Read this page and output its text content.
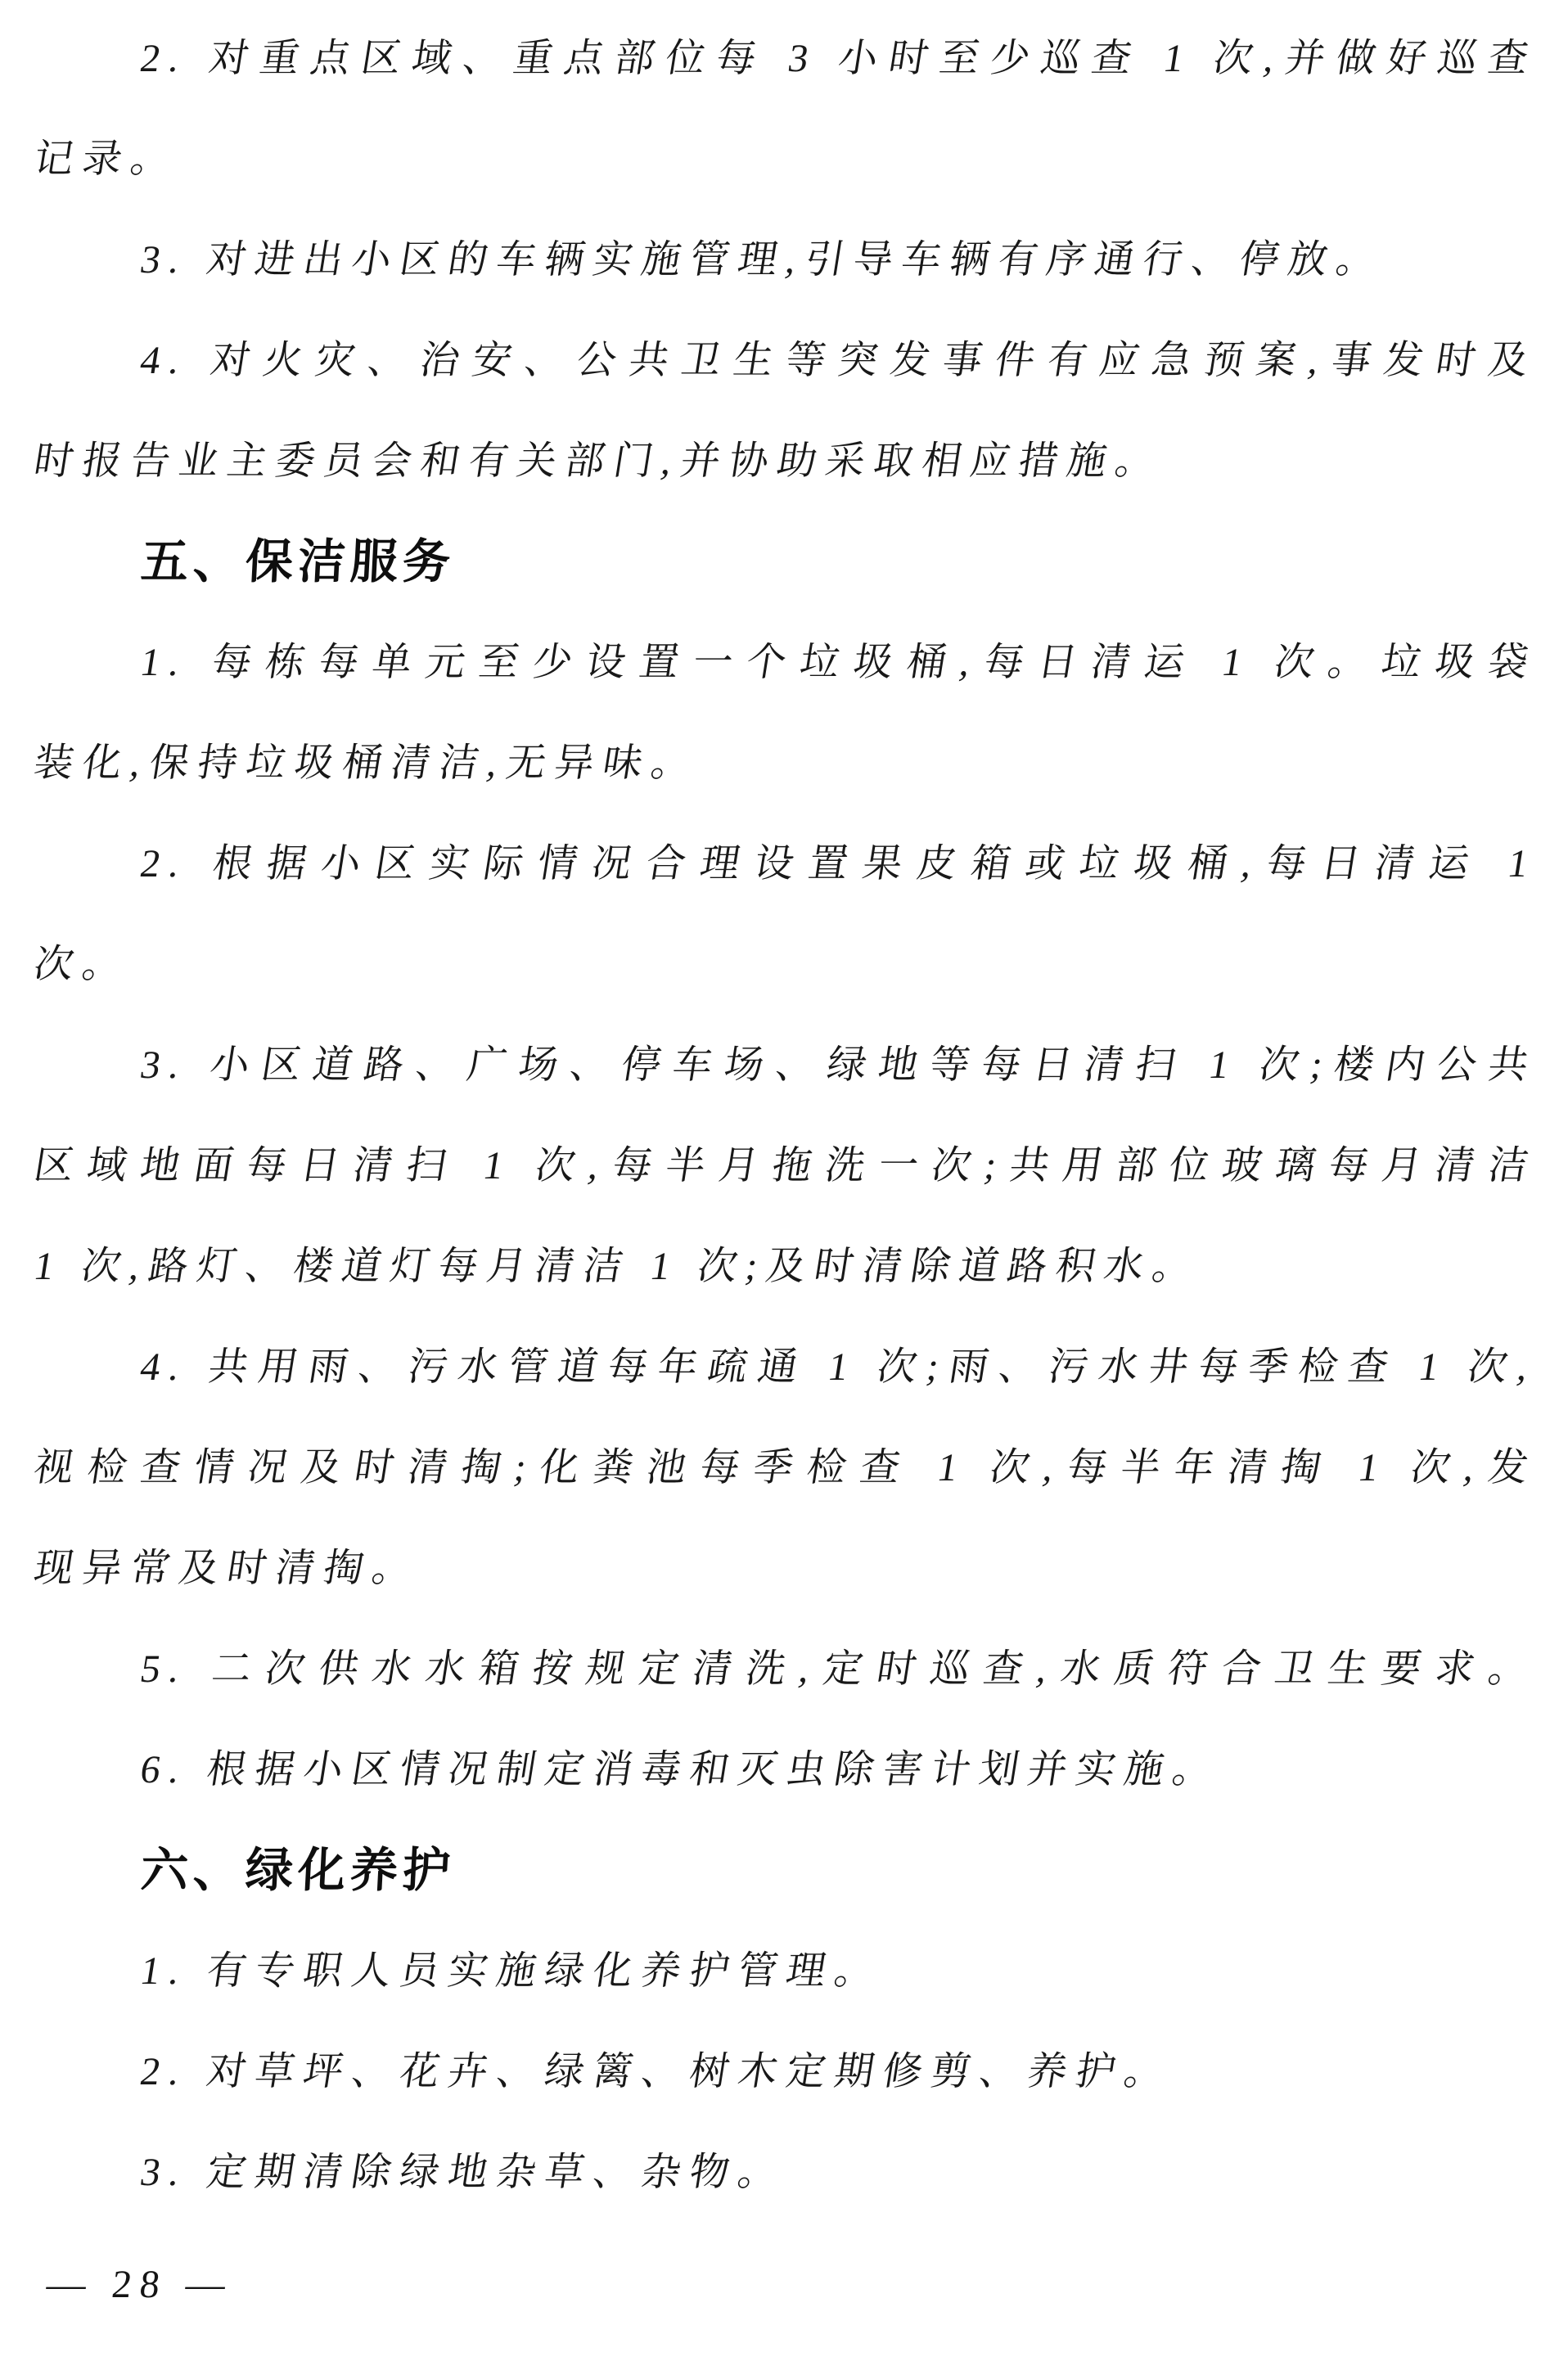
2. 对重点区域、重点部位每 3 小时至少巡查 1 次,并做好巡查
记录。
3. 对进出小区的车辆实施管理,引导车辆有序通行、停放。
4. 对火灾、治安、公共卫生等突发事件有应急预案,事发时及
时报告业主委员会和有关部门,并协助采取相应措施。
五、保洁服务
1. 每栋每单元至少设置一个垃圾桶,每日清运 1 次。垃圾袋
装化,保持垃圾桶清洁,无异味。
2. 根据小区实际情况合理设置果皮箱或垃圾桶,每日清运 1
次。
3. 小区道路、广场、停车场、绿地等每日清扫 1 次;楼内公共
区域地面每日清扫 1 次,每半月拖洗一次;共用部位玻璃每月清洁
1 次,路灯、楼道灯每月清洁 1 次;及时清除道路积水。
4. 共用雨、污水管道每年疏通 1 次;雨、污水井每季检查 1 次,
视检查情况及时清掏;化粪池每季检查 1 次,每半年清掏 1 次,发
现异常及时清掏。
5. 二次供水水箱按规定清洗,定时巡查,水质符合卫生要求。
6. 根据小区情况制定消毒和灭虫除害计划并实施。
六、绿化养护
1. 有专职人员实施绿化养护管理。
2. 对草坪、花卉、绿篱、树木定期修剪、养护。
3. 定期清除绿地杂草、杂物。
— 28 —
